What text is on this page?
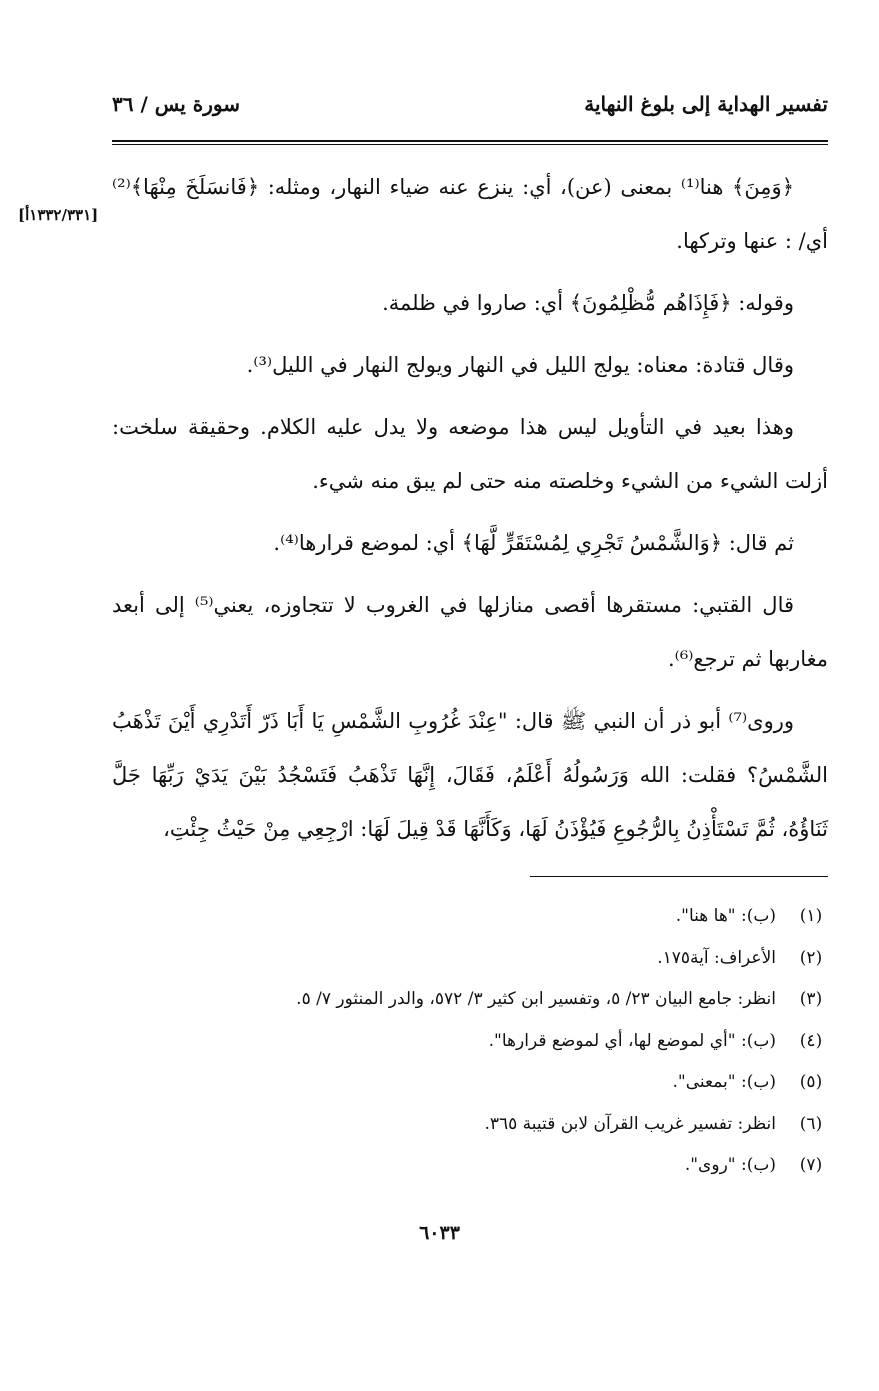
تفسير الهداية إلى بلوغ النهاية
سورة يس / ٣٦
[١٣٣٢/٣٣١أ]

﴿وَمِنَ﴾ هنا⁽¹⁾ بمعنى (عن)، أي: ينزع عنه ضياء النهار، ومثله: ﴿فَانسَلَخَ مِنْهَا﴾⁽²⁾ أي/ : عنها وتركها.

وقوله: ﴿فَإِذَاهُم مُّظْلِمُونَ﴾ أي: صاروا في ظلمة.

وقال قتادة: معناه: يولج الليل في النهار ويولج النهار في الليل⁽³⁾.

وهذا بعيد في التأويل ليس هذا موضعه ولا يدل عليه الكلام. وحقيقة سلخت: أزلت الشيء من الشيء وخلصته منه حتى لم يبق منه شيء.

ثم قال: ﴿وَالشَّمْسُ تَجْرِي لِمُسْتَقَرٍّ لَّهَا﴾ أي: لموضع قرارها⁽⁴⁾.

قال القتبي: مستقرها أقصى منازلها في الغروب لا تتجاوزه، يعني⁽⁵⁾ إلى أبعد مغاربها ثم ترجع⁽⁶⁾.

وروى⁽⁷⁾ أبو ذر أن النبي ﷺ قال: "عِنْدَ غُرُوبِ الشَّمْسِ يَا أَبَا ذَرّ أَتَدْرِي أَيْنَ تَذْهَبُ الشَّمْسُ؟ فقلت: الله وَرَسُولُهُ أَعْلَمُ، فَقَالَ، إِنَّهَا تَذْهَبُ فَتَسْجُدُ بَيْنَ يَدَيْ رَبِّهَا جَلَّ ثَنَاؤُهُ، ثُمَّ تَسْتَأْذِنُ بِالرُّجُوعِ فَيُؤْذَنُ لَهَا، وَكَأَنَّهَا قَدْ قِيلَ لَهَا: ارْجِعِي مِنْ حَيْثُ جِئْتِ،

(١)
(ب): "ها هنا".
(٢)
الأعراف: آية١٧٥.
(٣)
انظر: جامع البيان ٢٣/ ٥، وتفسير ابن كثير ٣/ ٥٧٢، والدر المنثور ٧/ ٥.
(٤)
(ب): "أي لموضع لها، أي لموضع قرارها".
(٥)
(ب): "بمعنى".
(٦)
انظر: تفسير غريب القرآن لابن قتيبة ٣٦٥.
(٧)
(ب): "روى".
٦٠٣٣
